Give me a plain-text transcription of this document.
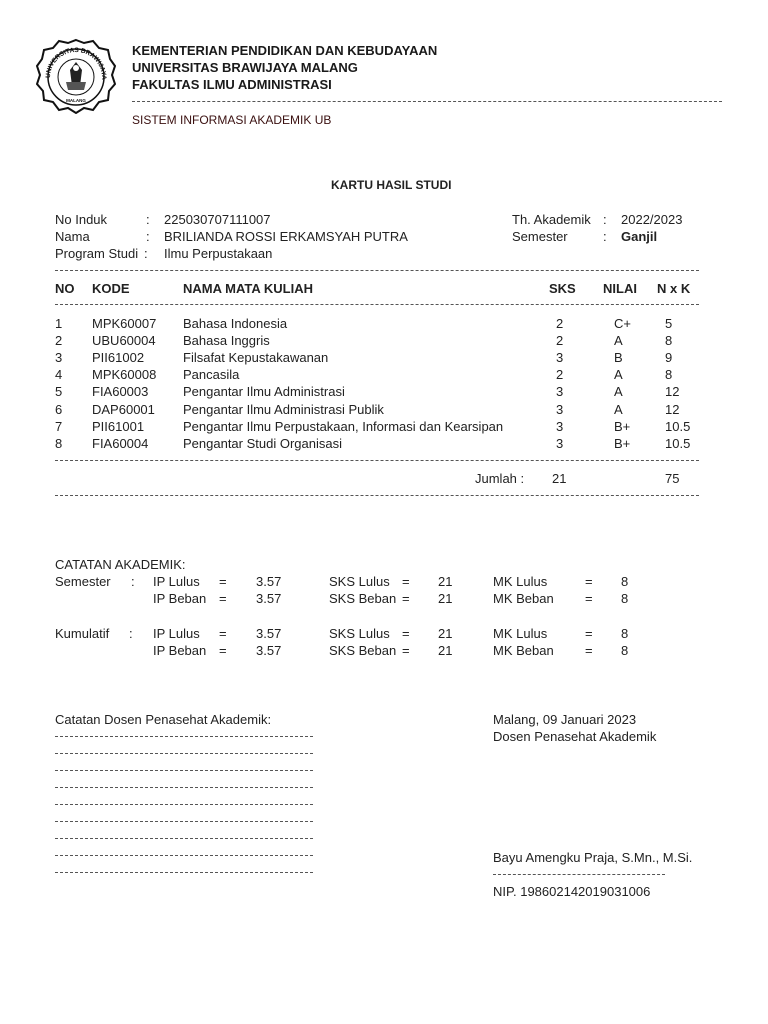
UNIVERSITAS BRAWIJAYA
MALANG
KEMENTERIAN PENDIDIKAN DAN KEBUDAYAAN
UNIVERSITAS BRAWIJAYA MALANG
FAKULTAS ILMU ADMINISTRASI
SISTEM INFORMASI AKADEMIK UB
KARTU HASIL STUDI
No Induk	: 225030707111007
Nama	: BRILIANDA ROSSI ERKAMSYAH PUTRA
Program Studi : Ilmu Perpustakaan
Th. Akademik : 2022/2023
Semester	: Ganjil
NO KODE	NAMA MATA KULIAH	SKS NILAI N x K
1 MPK60007 Bahasa Indonesia	2	C+	5
2 UBU60004 Bahasa Inggris	2	A	8
3 PII61002	Filsafat Kepustakawanan	3	B	9
4 MPK60008 Pancasila	2	A	8
5 FIA60003	Pengantar Ilmu Administrasi	3	A	12
6 DAP60001 Pengantar Ilmu Administrasi Publik	3	A	12
7 PII61001	Pengantar Ilmu Perpustakaan, Informasi dan Kearsipan	3	B+	10.5
8 FIA60004	Pengantar Studi Organisasi	3	B+	10.5
Jumlah : 21	75
CATATAN AKADEMIK:
Semester : IP Lulus = 3.57	SKS Lulus = 21	MK Lulus	= 8
IP Beban = 3.57	SKS Beban = 21	MK Beban = 8
Kumulatif : IP Lulus = 3.57	SKS Lulus = 21	MK Lulus	= 8
IP Beban = 3.57	SKS Beban = 21	MK Beban = 8
Catatan Dosen Penasehat Akademik:	Malang, 09 Januari 2023
Dosen Penasehat Akademik
Bayu Amengku Praja, S.Mn., M.Si.
NIP. 198602142019031006
